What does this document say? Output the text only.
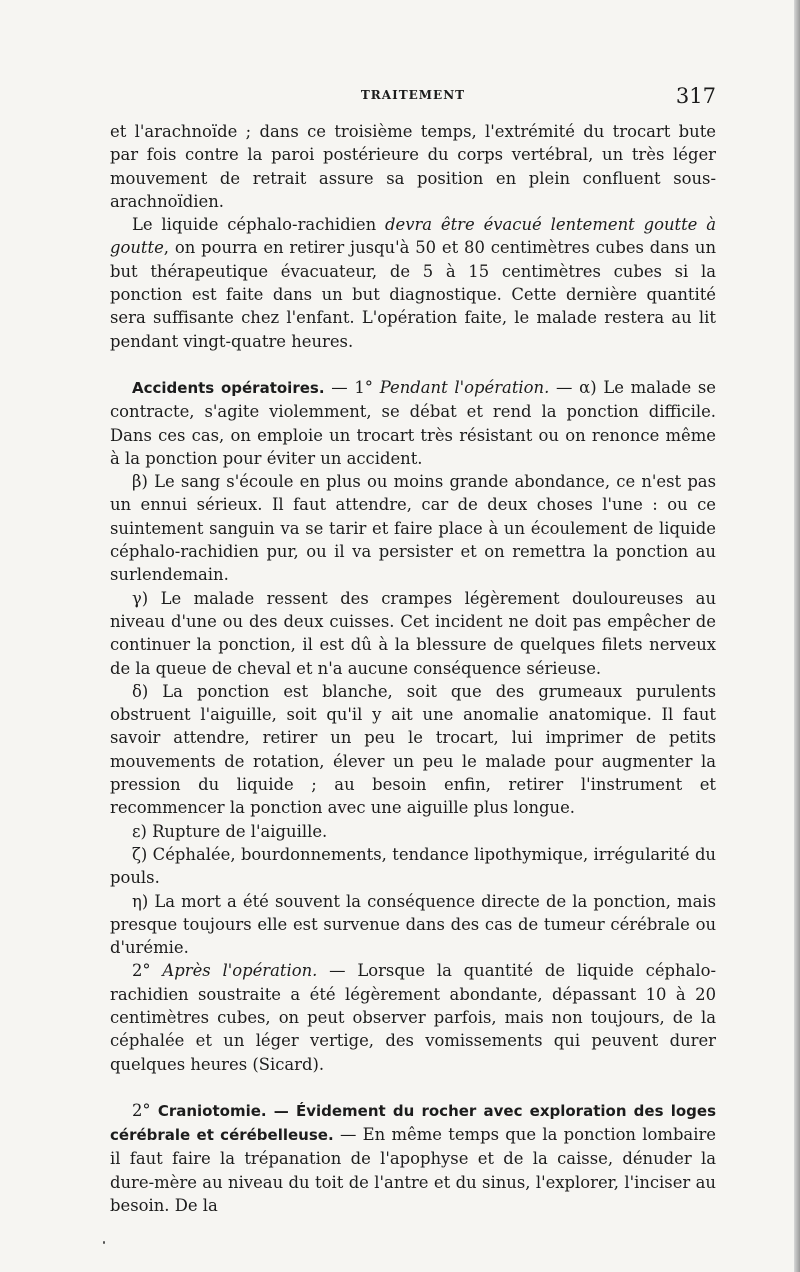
TRAITEMENT	317

et l'arachnoïde ; dans ce troisième temps, l'extrémité du trocart bute par fois contre la paroi postérieure du corps vertébral, un très léger mouvement de retrait assure sa position en plein confluent sous-arachnoïdien.

Le liquide céphalo-rachidien devra être évacué lentement goutte à goutte, on pourra en retirer jusqu'à 50 et 80 centimètres cubes dans un but thérapeutique évacuateur, de 5 à 15 centimètres cubes si la ponction est faite dans un but diagnostique. Cette dernière quantité sera suffisante chez l'enfant. L'opération faite, le malade restera au lit pendant vingt-quatre heures.

Accidents opératoires. — 1° Pendant l'opération. — α) Le malade se contracte, s'agite violemment, se débat et rend la ponction difficile. Dans ces cas, on emploie un trocart très résistant ou on renonce même à la ponction pour éviter un accident.

β) Le sang s'écoule en plus ou moins grande abondance, ce n'est pas un ennui sérieux. Il faut attendre, car de deux choses l'une : ou ce suintement sanguin va se tarir et faire place à un écoulement de liquide céphalo-rachidien pur, ou il va persister et on remettra la ponction au surlendemain.

γ) Le malade ressent des crampes légèrement douloureuses au niveau d'une ou des deux cuisses. Cet incident ne doit pas empêcher de continuer la ponction, il est dû à la blessure de quelques filets nerveux de la queue de cheval et n'a aucune conséquence sérieuse.

δ) La ponction est blanche, soit que des grumeaux purulents obstruent l'aiguille, soit qu'il y ait une anomalie anatomique. Il faut savoir attendre, retirer un peu le trocart, lui imprimer de petits mouvements de rotation, élever un peu le malade pour augmenter la pression du liquide ; au besoin enfin, retirer l'instrument et recommencer la ponction avec une aiguille plus longue.

ε) Rupture de l'aiguille.

ζ) Céphalée, bourdonnements, tendance lipothymique, irrégularité du pouls.

η) La mort a été souvent la conséquence directe de la ponction, mais presque toujours elle est survenue dans des cas de tumeur cérébrale ou d'urémie.

2° Après l'opération. — Lorsque la quantité de liquide céphalo-rachidien soustraite a été légèrement abondante, dépassant 10 à 20 centimètres cubes, on peut observer parfois, mais non toujours, de la céphalée et un léger vertige, des vomissements qui peuvent durer quelques heures (Sicard).

2° Craniotomie. — Évidement du rocher avec exploration des loges cérébrale et cérébelleuse. — En même temps que la ponction lombaire il faut faire la trépanation de l'apophyse et de la caisse, dénuder la dure-mère au niveau du toit de l'antre et du sinus, l'explorer, l'inciser au besoin. De la
